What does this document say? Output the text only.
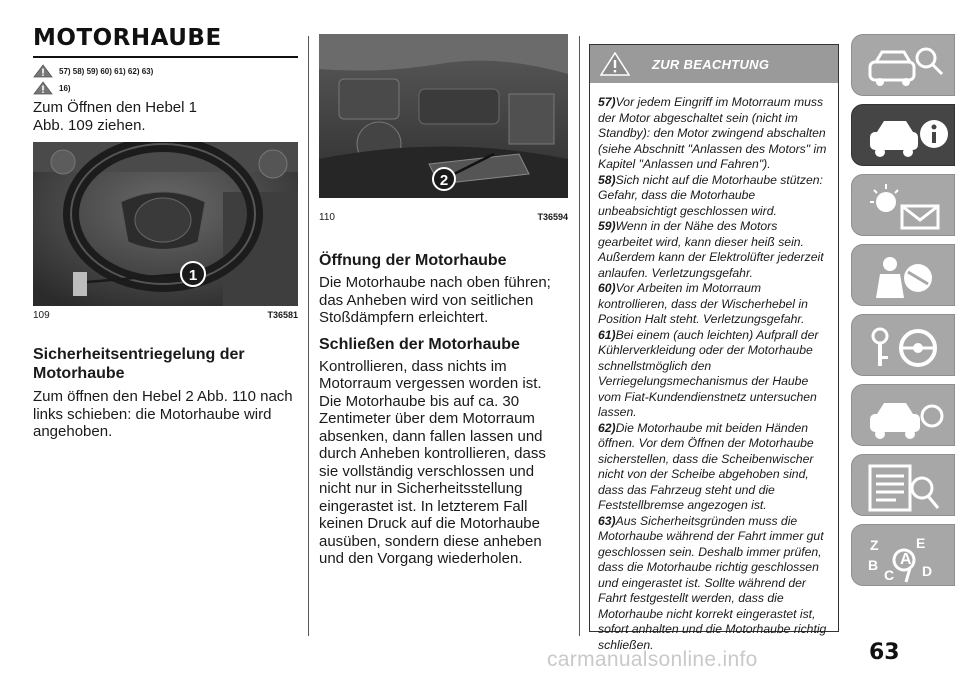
MOTORHAUBE
57) 58) 59) 60) 61) 62) 63)
16)

Zum Öffnen den Hebel 1 Abb. 109 ziehen.

1
109	T36581
Sicherheitsentriegelung der Motorhaube

Zum öffnen den Hebel 2 Abb. 110 nach links schieben: die Motorhaube wird angehoben.

2
110	T36594
Öffnung der Motorhaube

Die Motorhaube nach oben führen; das Anheben wird von seitlichen Stoßdämpfern erleichtert.

Schließen der Motorhaube

Kontrollieren, dass nichts im Motorraum vergessen worden ist. Die Motorhaube bis auf ca. 30 Zentimeter über dem Motorraum absenken, dann fallen lassen und durch Anheben kontrollieren, dass sie vollständig verschlossen und nicht nur in Sicherheitsstellung eingerastet ist. In letzterem Fall keinen Druck auf die Motorhaube ausüben, sondern diese anheben und den Vorgang wiederholen.

ZUR BEACHTUNG

57)Vor jedem Eingriff im Motorraum muss der Motor abgeschaltet sein (nicht im Standby): den Motor zwingend abschalten (siehe Abschnitt "Anlassen des Motors" im Kapitel "Anlassen und Fahren").

58)Sich nicht auf die Motorhaube stützen: Gefahr, dass die Motorhaube unbeabsichtigt geschlossen wird.

59)Wenn in der Nähe des Motors gearbeitet wird, kann dieser heiß sein. Außerdem kann der Elektrolüfter jederzeit anlaufen. Verletzungsgefahr.

60)Vor Arbeiten im Motorraum kontrollieren, dass der Wischerhebel in Position Halt steht. Verletzungsgefahr.

61)Bei einem (auch leichten) Aufprall der Kühlerverkleidung oder der Motorhaube schnellstmöglich den Verriegelungsmechanismus der Haube vom Fiat-Kundendienstnetz untersuchen lassen.

62)Die Motorhaube mit beiden Händen öffnen. Vor dem Öffnen der Motorhaube sicherstellen, dass die Scheibenwischer nicht von der Scheibe abgehoben sind, dass das Fahrzeug steht und die Feststellbremse angezogen ist.

63)Aus Sicherheitsgründen muss die Motorhaube während der Fahrt immer gut geschlossen sein. Deshalb immer prüfen, dass die Motorhaube richtig geschlossen und eingerastet ist. Sollte während der Fahrt festgestellt werden, dass die Motorhaube nicht korrekt eingerastet ist, sofort anhalten und die Motorhaube richtig schließen.

Z	E
B A
C D
63
carmanualsonline.info
